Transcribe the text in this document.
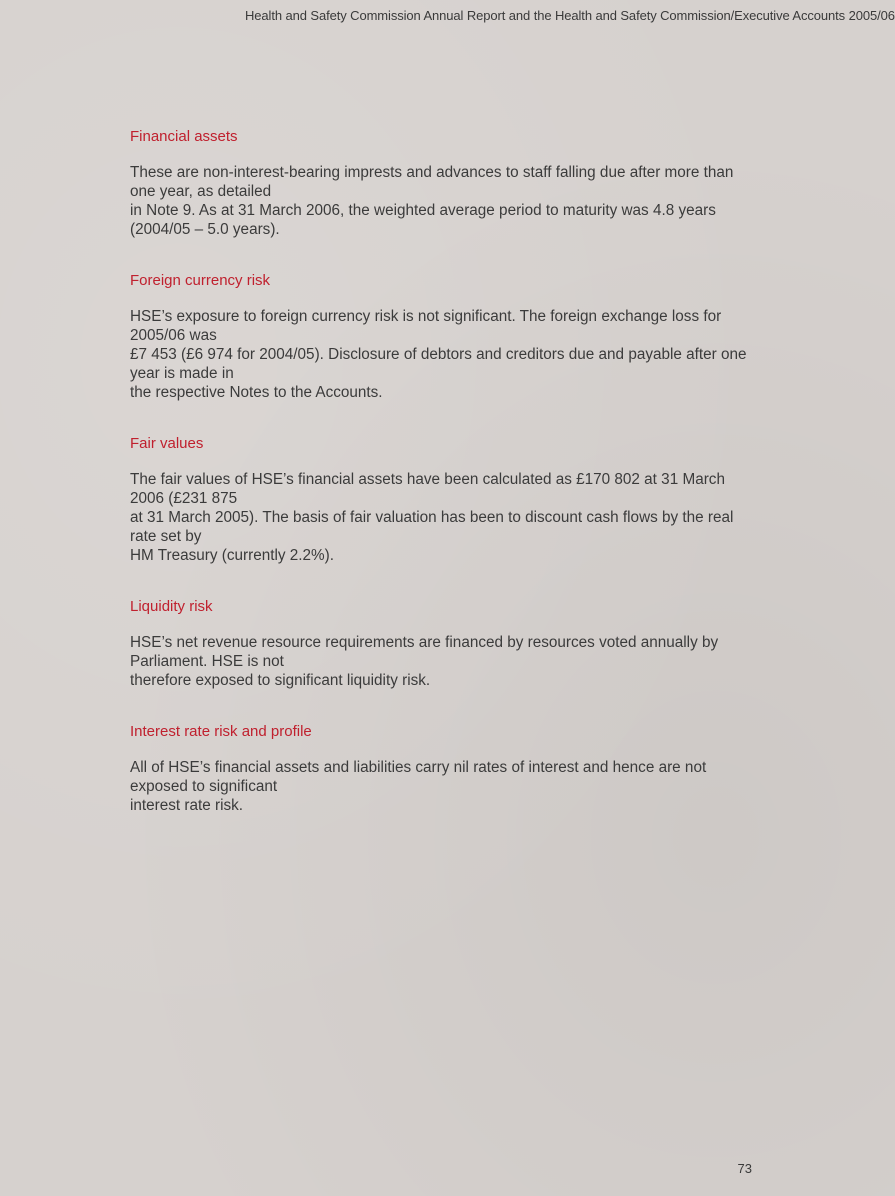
Health and Safety Commission Annual Report and the Health and Safety Commission/Executive Accounts 2005/06
Financial assets

These are non-interest-bearing imprests and advances to staff falling due after more than one year, as detailed
in Note 9. As at 31 March 2006, the weighted average period to maturity was 4.8 years (2004/05 – 5.0 years).

Foreign currency risk

HSE’s exposure to foreign currency risk is not significant. The foreign exchange loss for 2005/06 was
£7 453 (£6 974 for 2004/05). Disclosure of debtors and creditors due and payable after one year is made in
the respective Notes to the Accounts.

Fair values

The fair values of HSE’s financial assets have been calculated as £170 802 at 31 March 2006 (£231 875
at 31 March 2005). The basis of fair valuation has been to discount cash flows by the real rate set by
HM Treasury (currently 2.2%).

Liquidity risk

HSE’s net revenue resource requirements are financed by resources voted annually by Parliament. HSE is not
therefore exposed to significant liquidity risk.

Interest rate risk and profile

All of HSE’s financial assets and liabilities carry nil rates of interest and hence are not exposed to significant
interest rate risk.

73
